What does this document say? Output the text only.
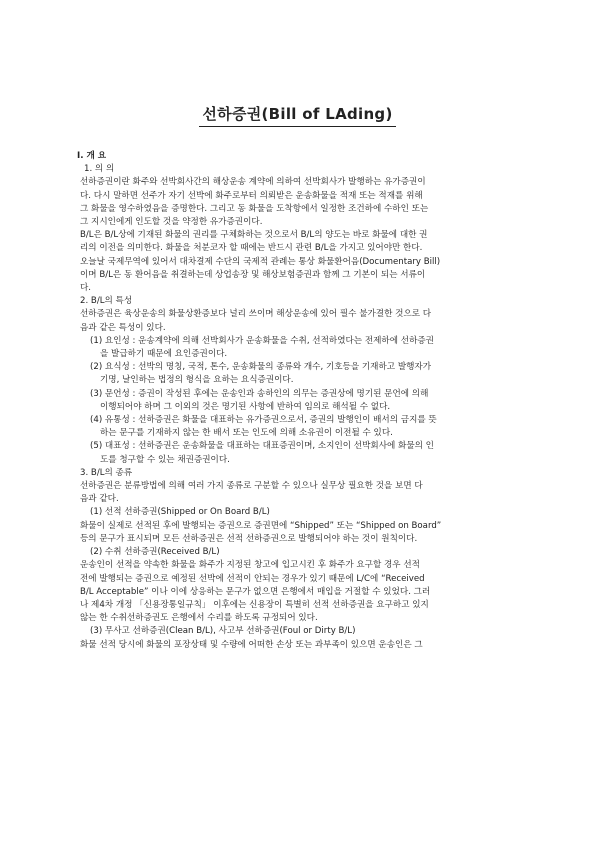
선하증권(Bill of LAding)
Ⅰ. 개 요
1. 의 의
선하증권이란 화주와 선박회사간의 해상운송 계약에 의하여 선박회사가 발행하는 유가증권이
다. 다시 말하면 선주가 자기 선박에 화주로부터 의뢰받은 운송화물을 적재 또는 적재를 위해
그 화물을 영수하였음을 증명한다. 그리고 동 화물을 도착항에서 일정한 조건하에 수하인 또는
그 지시인에게 인도할 것을 약정한 유가증권이다.
B/L은 B/L상에 기재된 화물의 권리를 구체화하는 것으로서 B/L의 양도는 바로 화물에 대한 권
리의 이전을 의미한다. 화물을 처분코자 할 때에는 반드시 관련 B/L을 가지고 있어야만 한다.
오늘날 국제무역에 있어서 대차결제 수단의 국제적 관례는 통상 화물환어음(Documentary Bill)
이며 B/L은 동 환어음을 취결하는데 상업송장 및 해상보험증권과 함께 그 기본이 되는 서류이
다.
2. B/L의 특성
선하증권은 육상운송의 화물상환증보다 널리 쓰이며 해상운송에 있어 필수 불가결한 것으로 다
음과 같은 특성이 있다.
(1) 요인성 : 운송계약에 의해 선박회사가 운송화물을 수취, 선적하였다는 전제하에 선하증권
을 발급하기 때문에 요인증권이다.
(2) 요식성 : 선박의 명칭, 국적, 톤수, 운송화물의 종류와 개수, 기호등을 기재하고 발행자가
기명, 날인하는 법정의 형식을 요하는 요식증권이다.
(3) 문언성 : 증권이 작성된 후에는 운송인과 송하인의 의무는 증권상에 명기된 문언에 의해
이행되어야 하며 그 이외의 것은 명기된 사항에 반하여 임의로 해석될 수 없다.
(4) 유통성 : 선하증권은 화물을 대표하는 유가증권으로서, 증권의 발행인이 배서의 금지를 뜻
하는 문구를 기재하지 않는 한 배서 또는 인도에 의해 소유권이 이전될 수 있다.
(5) 대표성 : 선하증권은 운송화물을 대표하는 대표증권이며, 소지인이 선박회사에 화물의 인
도를 청구할 수 있는 채권증권이다.
3. B/L의 종류
선하증권은 분류방법에 의해 여러 가지 종류로 구분할 수 있으나 실무상 필요한 것을 보면 다
음과 같다.
(1) 선적 선하증권(Shipped or On Board B/L)
화물이 실제로 선적된 후에 발행되는 증권으로 증권면에 “Shipped” 또는 “Shipped on Board”
등의 문구가 표시되며 모든 선하증권은 선적 선하증권으로 발행되어야 하는 것이 원칙이다.
(2) 수취 선하증권(Received B/L)
운송인이 선적을 약속한 화물을 화주가 지정된 창고에 입고시킨 후 화주가 요구할 경우 선적
전에 발행되는 증권으로 예정된 선박에 선적이 안되는 경우가 있기 때문에 L/C에 “Received
B/L Acceptable” 이나 이에 상응하는 문구가 없으면 은행에서 매입을 거절할 수 있었다. 그러
나 제4차 개정 「신용장통일규칙」 이후에는 신용장이 특별히 선적 선하증권을 요구하고 있지
않는 한 수취선하증권도 은행에서 수리를 하도록 규정되어 있다.
(3) 무사고 선하증권(Clean B/L), 사고부 선하증권(Foul or Dirty B/L)
화물 선적 당시에 화물의 포장상태 및 수량에 어떠한 손상 또는 과부족이 있으면 운송인은 그
